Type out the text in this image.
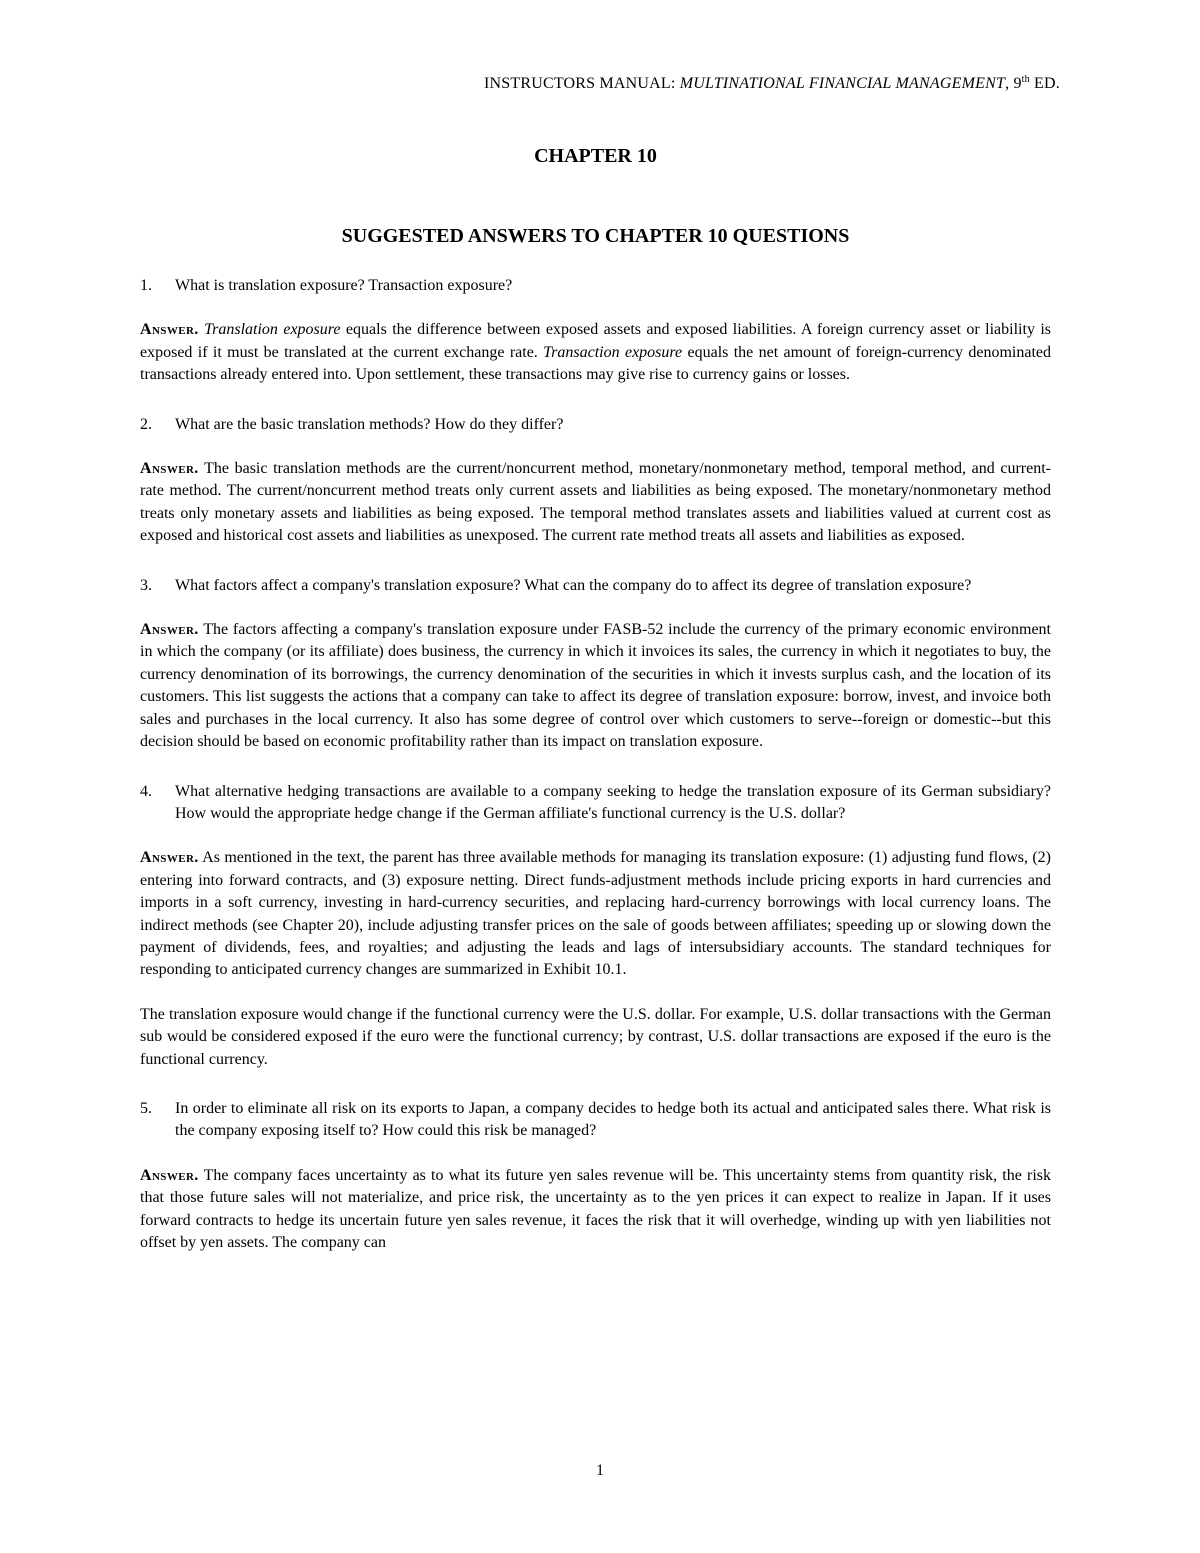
INSTRUCTORS MANUAL: MULTINATIONAL FINANCIAL MANAGEMENT, 9th ED.
CHAPTER 10
SUGGESTED ANSWERS TO CHAPTER 10 QUESTIONS
1.	What is translation exposure? Transaction exposure?

Answer. Translation exposure equals the difference between exposed assets and exposed liabilities. A foreign currency asset or liability is exposed if it must be translated at the current exchange rate. Transaction exposure equals the net amount of foreign-currency denominated transactions already entered into. Upon settlement, these transactions may give rise to currency gains or losses.

2.	What are the basic translation methods? How do they differ?

Answer. The basic translation methods are the current/noncurrent method, monetary/nonmonetary method, temporal method, and current-rate method. The current/noncurrent method treats only current assets and liabilities as being exposed. The monetary/nonmonetary method treats only monetary assets and liabilities as being exposed. The temporal method translates assets and liabilities valued at current cost as exposed and historical cost assets and liabilities as unexposed. The current rate method treats all assets and liabilities as exposed.

3.	What factors affect a company's translation exposure? What can the company do to affect its degree of translation exposure?

Answer. The factors affecting a company's translation exposure under FASB-52 include the currency of the primary economic environment in which the company (or its affiliate) does business, the currency in which it invoices its sales, the currency in which it negotiates to buy, the currency denomination of its borrowings, the currency denomination of the securities in which it invests surplus cash, and the location of its customers. This list suggests the actions that a company can take to affect its degree of translation exposure: borrow, invest, and invoice both sales and purchases in the local currency. It also has some degree of control over which customers to serve--foreign or domestic--but this decision should be based on economic profitability rather than its impact on translation exposure.

4.	What alternative hedging transactions are available to a company seeking to hedge the translation exposure of its German subsidiary? How would the appropriate hedge change if the German affiliate's functional currency is the U.S. dollar?

Answer. As mentioned in the text, the parent has three available methods for managing its translation exposure: (1) adjusting fund flows, (2) entering into forward contracts, and (3) exposure netting. Direct funds-adjustment methods include pricing exports in hard currencies and imports in a soft currency, investing in hard-currency securities, and replacing hard-currency borrowings with local currency loans. The indirect methods (see Chapter 20), include adjusting transfer prices on the sale of goods between affiliates; speeding up or slowing down the payment of dividends, fees, and royalties; and adjusting the leads and lags of intersubsidiary accounts. The standard techniques for responding to anticipated currency changes are summarized in Exhibit 10.1.

The translation exposure would change if the functional currency were the U.S. dollar. For example, U.S. dollar transactions with the German sub would be considered exposed if the euro were the functional currency; by contrast, U.S. dollar transactions are exposed if the euro is the functional currency.

5.	In order to eliminate all risk on its exports to Japan, a company decides to hedge both its actual and anticipated sales there. What risk is the company exposing itself to? How could this risk be managed?

Answer. The company faces uncertainty as to what its future yen sales revenue will be. This uncertainty stems from quantity risk, the risk that those future sales will not materialize, and price risk, the uncertainty as to the yen prices it can expect to realize in Japan. If it uses forward contracts to hedge its uncertain future yen sales revenue, it faces the risk that it will overhedge, winding up with yen liabilities not offset by yen assets. The company can

1
